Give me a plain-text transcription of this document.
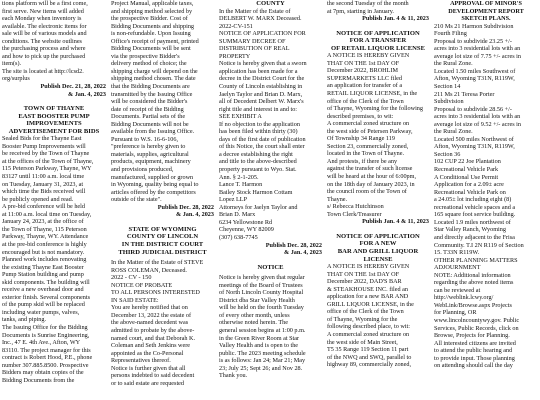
tions platform will be a first come,

first serve. New items will added

each Monday when inventory is

available. The electronic items for

sale will be of various models and

conditions. The website outlines

the purchasing process and where

and how to pick up the purchased

item(s).

The site is located at http://lcsd2.

org/surplus

Publish Dec. 21, 28, 2022

& Jan. 4, 2023

TOWN OF THAYNE

EAST BOOSTER PUMP

IMPROVEMENTS

ADVERTISEMENT FOR BIDS

Sealed Bids for the Thayne East

Booster Pump Improvements will

be received by the Town of Thayne

at the offices of the Town of Thayne,

115 Peterson Parkway, Thayne, WY

83127 until 11:00 a.m. local time

on Tuesday, January 31, 2023, at

which time the Bids received will

be publicly opened and read.

A pre-bid conference will be held

at 11:00 a.m. local time on Tuesday,

January 24, 2023, at the office of

the Town of Thayne, 115 Peterson

Parkway, Thayne, WY. Attendance

at the pre-bid conference is highly

encouraged but is not mandatory.

Planned work includes renovating

the existing Thayne East Booster

Pump Station building and pump

skid components. The building will

receive a new overhead door and

exterior finish. Several components

of the pump skid will be replaced

including water pumps, valves,

tanks, and piping.

The Issuing Office for the Bidding

Documents is Sunrise Engineering,

Inc., 47 E. 4th Ave., Afton, WY

83110. The project manager for this

contract is Robert Hood, P.E., phone

number 307.885.8500. Prospective

Bidders may obtain copies of the

Bidding Documents from the

Project Manual, applicable taxes,

and shipping method selected by

the prospective Bidder. Cost of

Bidding Documents and shipping

is non-refundable. Upon Issuing

Office's receipt of payment, printed

Bidding Documents will be sent

via the prospective Bidder's

delivery method of choice; the

shipping charge will depend on the

shipping method chosen. The date

that the Bidding Documents are

transmitted by the Issuing Office

will be considered the Bidder's

date of receipt of the Bidding

Documents. Partial sets of the

Bidding Documents will not be

available from the Issuing Office.

Pursuant to W.S. 16-6-106,

"preference is hereby given to

materials, supplies, agricultural

products, equipment, machinery

and provisions produced,

manufactured, supplied or grown

in Wyoming, quality being equal to

articles offered by the competitors

outside of the state".

Publish Dec. 28, 2022

& Jan. 4, 2023

STATE OF WYOMING

COUNTY OF LINCOLN

IN THE DISTRICT COURT

THIRD JUDICIAL DISTRICT

In the Matter of the Estate of STEVE

ROSS COLEMAN, Deceased.

2022 - CV - 150

NOTICE OF PROBATE

TO ALL PERSONS INTERESTED

IN SAID ESTATE:

You are hereby notified that on

December 13, 2022 the estate of

the above-named decedent was

admitted to probate by the above-

named court, and that Deborah K.

Coleman and Seth Jenkins were

appointed as the Co-Personal

Representatives thereof.

Notice is further given that all

persons indebted to said decedent

or to said estate are requested

COUNTY

In the Matter of the Estate of

DELBERT W. MARX Deceased.

2022-CV-151

NOTICE OF APPLICATION FOR

SUMMARY DECREE OF

DISTRIBUTION OF REAL

PROPERTY

Notice is hereby given that a sworn

application has been made for a

decree in the District Court for the

County of Lincoln establishing in

Jaelyn Taylor and Brian D. Marx,

all of Decedent Delbert W. Marx's

right title and interest in and to:

SEE EXHIBIT A

If no objection to the application

has been filed within thirty (30)

days of the first date of publication

of this Notice, the court shall enter

a decree establishing the right

and title to the above-described

property pursuant to Wyo. Stat.

Ann. § 2-1-205.

Lance T. Harmon

Bailey Stock Harmon Cottam

Lopez LLP

Attorneys for Jaelyn Taylor and

Brian D. Marx

6234 Yellowstone Rd

Cheyenne, WY 82009

(307) 638-7745

Publish Dec. 28, 2022

& Jan. 4, 2023

NOTICE

Notice is hereby given that regular

meetings of the Board of Trustees

of North Lincoln County Hospital

District dba Star Valley Health

will be held on the fourth Tuesday

of every other month, unless

otherwise noted herein. The

general session begins at 1:00 p.m.

in the Green River Room at Star

Valley Health and is open to the

public. The 2023 meeting schedule

is as follows: Jan 24; Mar 21; May

23; July 25; Sept 26; and Nov 28.

Thank you.

the second Tuesday of the month

at 7pm, starting in January.

Publish Jan. 4 & 11, 2023

NOTICE OF APPLICATION

FOR A TRANSFER

OF RETAIL LIQUOR LICENSE

A NOTICE IS HEREBY GIVEN

THAT ON THE 1st DAY OF

December 2022, BROHLIM

SUPERMARKETS LLC filed

an application for transfer of a

RETAIL LIQUOR LICENSE, in the

office of the Clerk of the Town

of Thayne, Wyoming for the following

described premises, to wit:

A commercial zoned structure on

the west side of Petersen Parkway,

Of Township 34 Range 119

Section 23, commercially zoned,

located in the Town of Thayne.

And protests, if there be any

against the transfer of such license

will be heard at the hour of 6:00pm,

on the 18th day of January 2023, in

the council room of the Town of

Thayne.

s/ Rebecca Hutchinson

Town Clerk/Treasurer

Publish Jan. 4 & 11, 2023

NOTICE OF APPLICATION

FOR A NEW

BAR AND GRILL LIQUOR

LICENSE

A NOTICE IS HEREBY GIVEN

THAT ON THE 1st DAY OF

December 2022, DAD'S BAR

& STEAKHOUSE INC. filed an

application for a new BAR AND

GRILL LIQUOR LICENSE, in the

office of the Clerk of the Town

of Thayne, Wyoming for the

following described place, to wit:

A commercial zoned structure on

the west side of Main Street,

T5 35 Range 119 Section 11 part

of the NWQ and SWQ, parallel to

highway 89, commercially zoned,

APPROVAL OF MINOR'S

DEVELOPMENT REPORT

SKETCH PLANS.

210 Ms 21 Harmon Subdivision

Fourth Filing

Proposal to subdivide 23.25 +/-

acres into 3 residential lots with an

average lot size of 7.75 +/- acres in

the Rural Zone.

Located 1.50 miles Southwest of

Afton, Wyoming T31N, R119W,

Section 14

211 Ms 21 Teresa Porter

Subdivision

Proposal to subdivide 28.56 +/-

acres into 3 residential lots with an

average lot size of 9.52 +/- acres in

the Rural Zone.

Located 500 miles Northwest of

Afton, Wyoming T31N, R119W,

Section 36

102 CUP 22 Joe Plantation

Recreational Vehicle Park

A Conditional Use Permit

Application for a 2.09± acre

Recreational Vehicle Park on

a 24.05± lot including eight (8)

recreational vehicle spaces and a

165 square foot service building.

Located 1.9 miles northwest of

Star Valley Ranch, Wyoming

and directly adjacent to the Frisa

Community. T.I 2N R119 of Section

15. T33N R119W.

OTHER PLANNING MATTERS

ADJOURNMENT

NOTE: Additional information

regarding the above noted items

can be reviewed at

http://weblink.lcwy.org/

WebLink/Browse.aspx Projects

for Planning, OR

www.lincolncountywy.gov. Public

Services, Public Records, click on

Browse, Projects for Planning.

All interested citizens are invited

to attend the public hearing and

to provide input. Those planning

on attending should call the day
